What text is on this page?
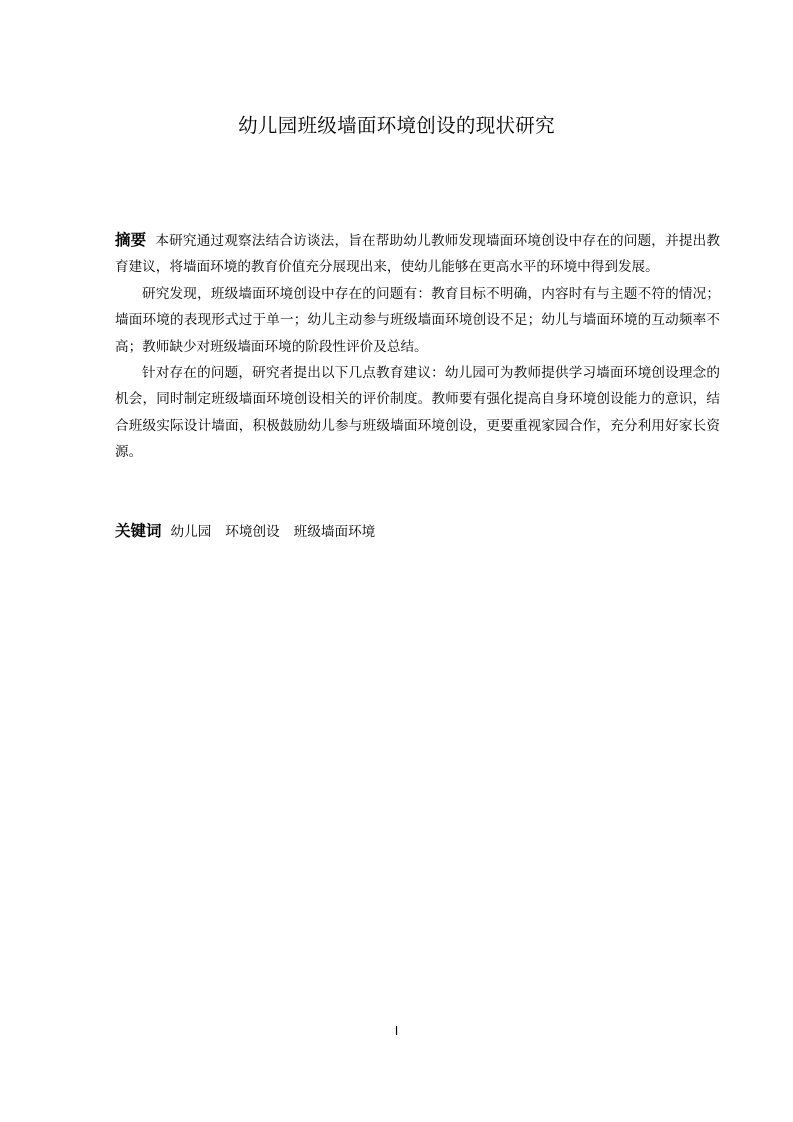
幼儿园班级墙面环境创设的现状研究

摘要 本研究通过观察法结合访谈法，旨在帮助幼儿教师发现墙面环境创设中存在的问题，并提出教育建议，将墙面环境的教育价值充分展现出来，使幼儿能够在更高水平的环境中得到发展。

研究发现，班级墙面环境创设中存在的问题有：教育目标不明确，内容时有与主题不符的情况；墙面环境的表现形式过于单一；幼儿主动参与班级墙面环境创设不足；幼儿与墙面环境的互动频率不高；教师缺少对班级墙面环境的阶段性评价及总结。

针对存在的问题，研究者提出以下几点教育建议：幼儿园可为教师提供学习墙面环境创设理念的机会，同时制定班级墙面环境创设相关的评价制度。教师要有强化提高自身环境创设能力的意识，结合班级实际设计墙面，积极鼓励幼儿参与班级墙面环境创设，更要重视家园合作，充分利用好家长资源。

关键词 幼儿园 环境创设 班级墙面环境
I
